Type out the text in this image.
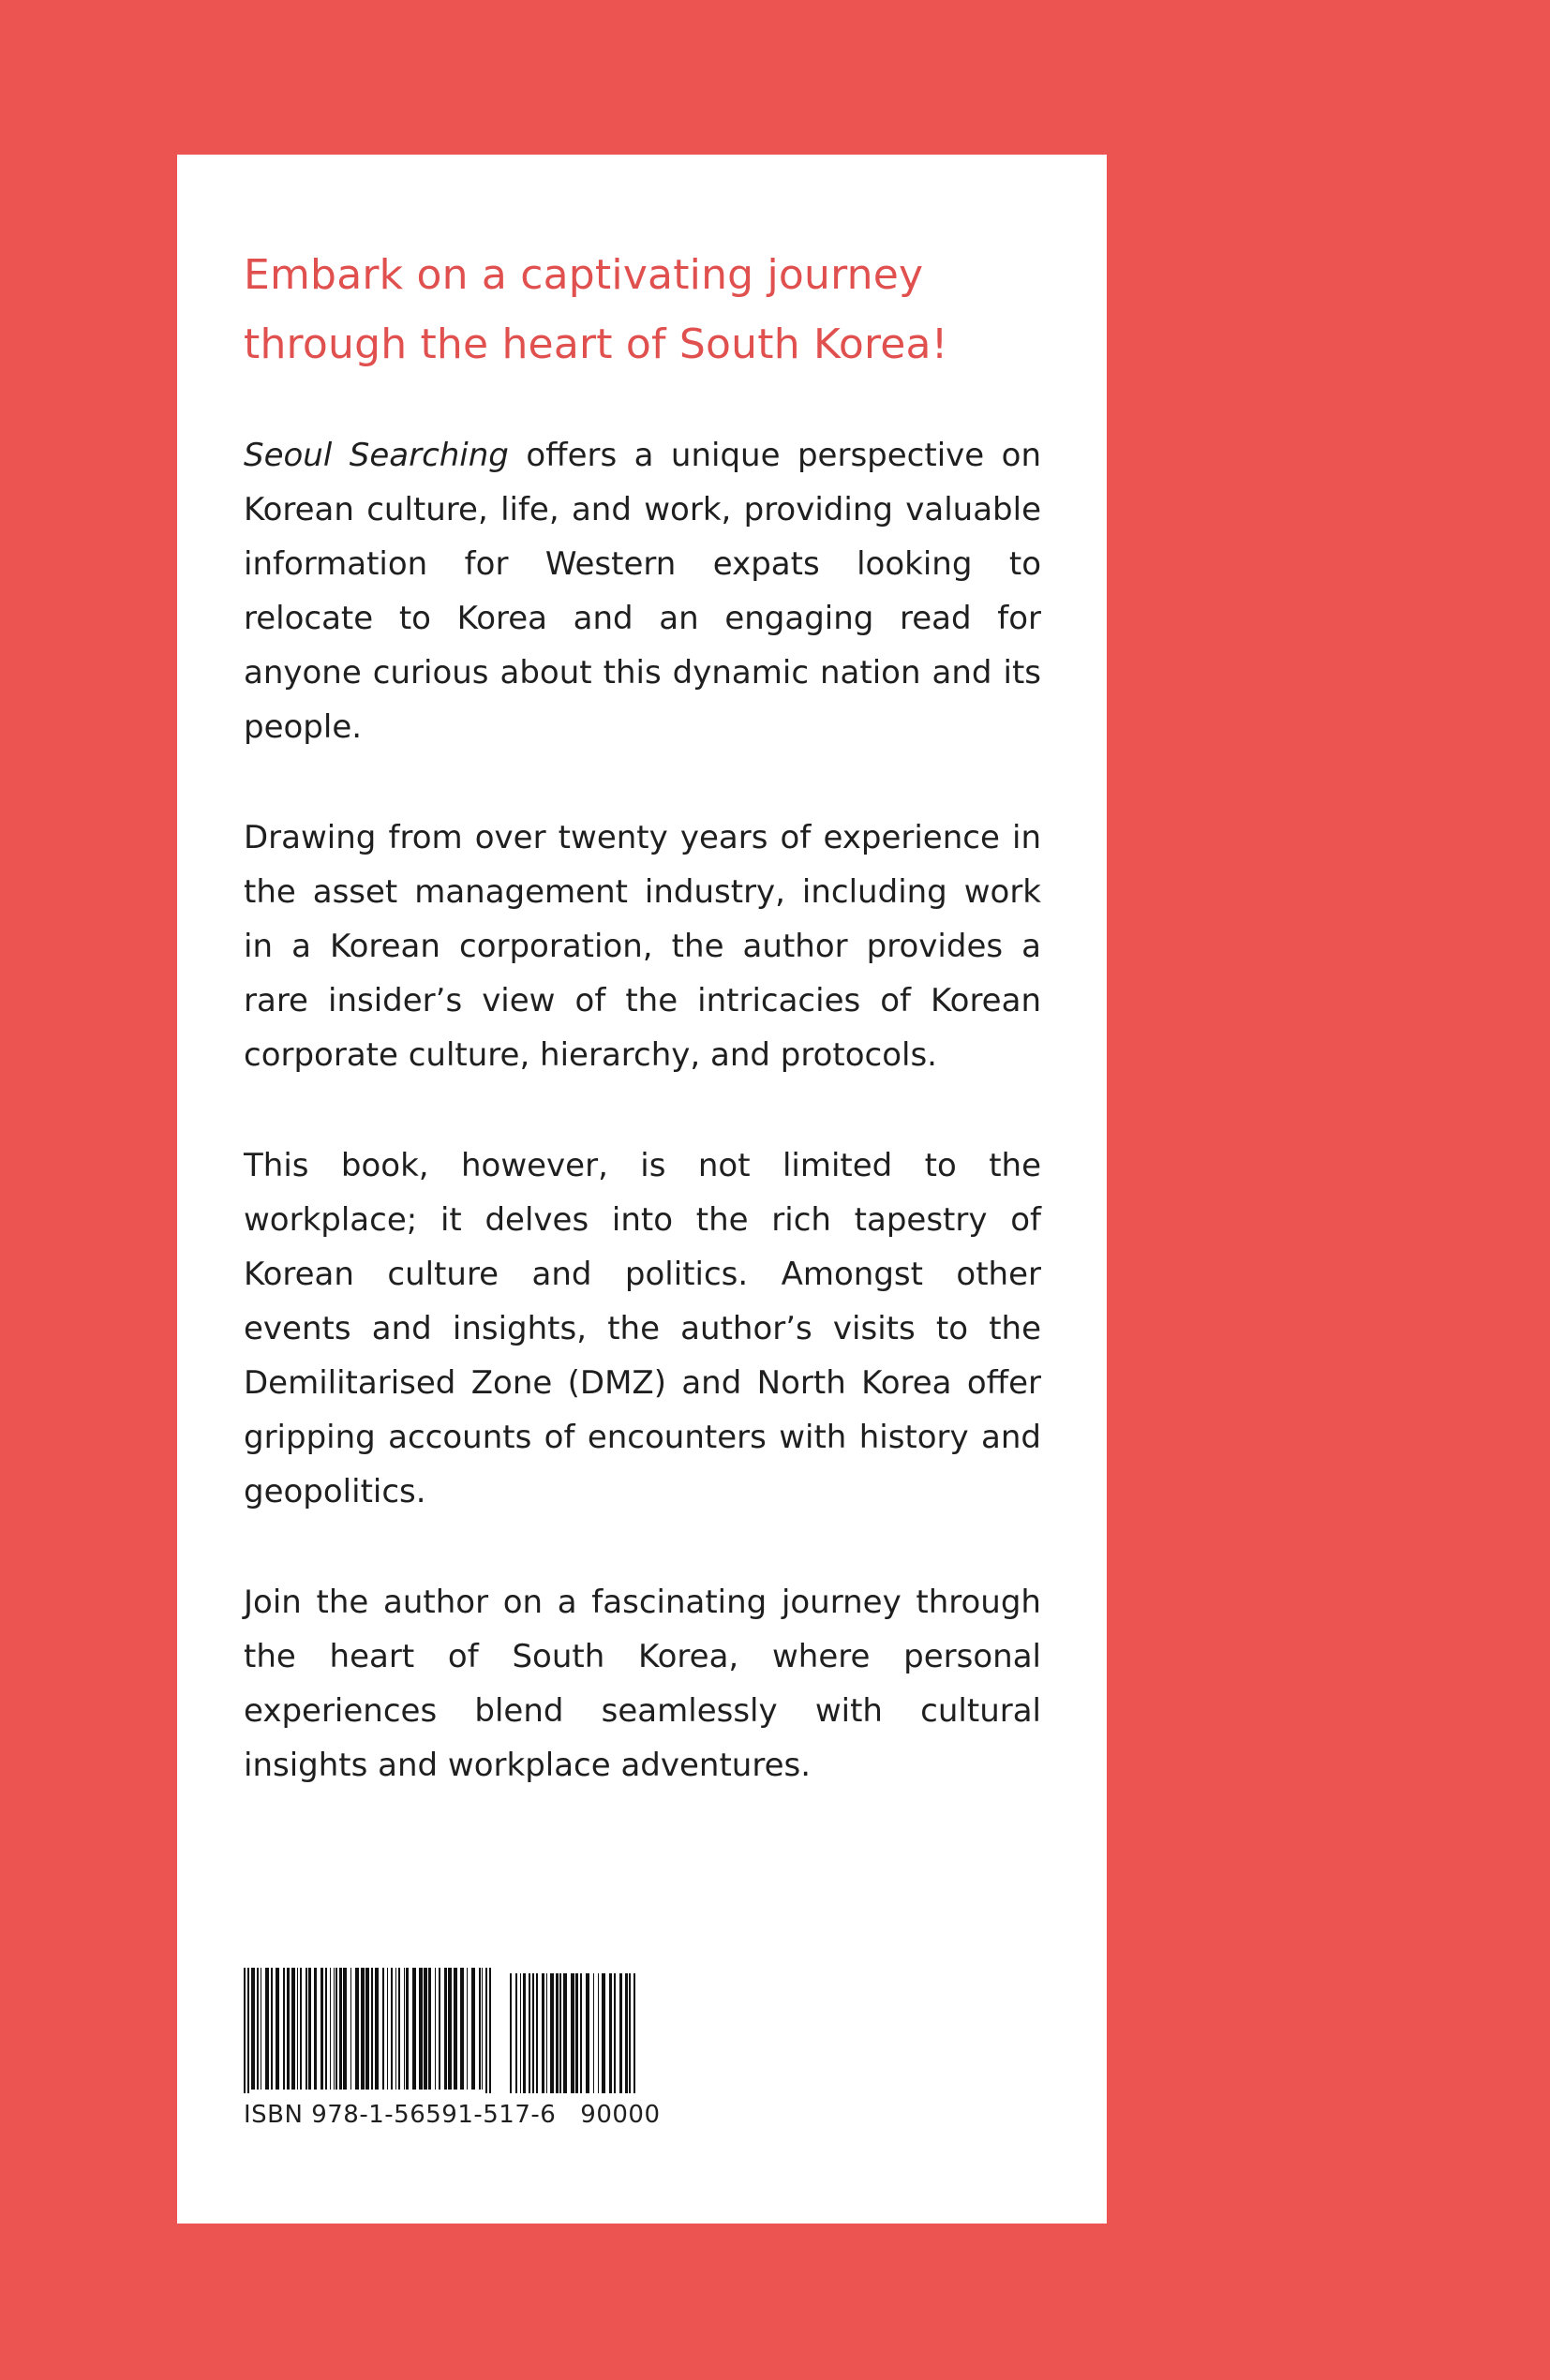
Embark on a captivating journey
through the heart of South Korea!

Seoul Searching offers a unique perspective on Korean culture, life, and work, providing valuable information for Western expats looking to relocate to Korea and an engaging read for anyone curious about this dynamic nation and its people.

Drawing from over twenty years of experience in the asset management industry, including work in a Korean corporation, the author provides a rare insider’s view of the intricacies of Korean corporate culture, hierarchy, and protocols.

This book, however, is not limited to the workplace; it delves into the rich tapestry of Korean culture and politics. Amongst other events and insights, the author’s visits to the Demilitarised Zone (DMZ) and North Korea offer gripping accounts of encounters with history and geopolitics.

Join the author on a fascinating journey through the heart of South Korea, where personal experiences blend seamlessly with cultural insights and workplace adventures.

ISBN 978-1-56591-517-6 90000
